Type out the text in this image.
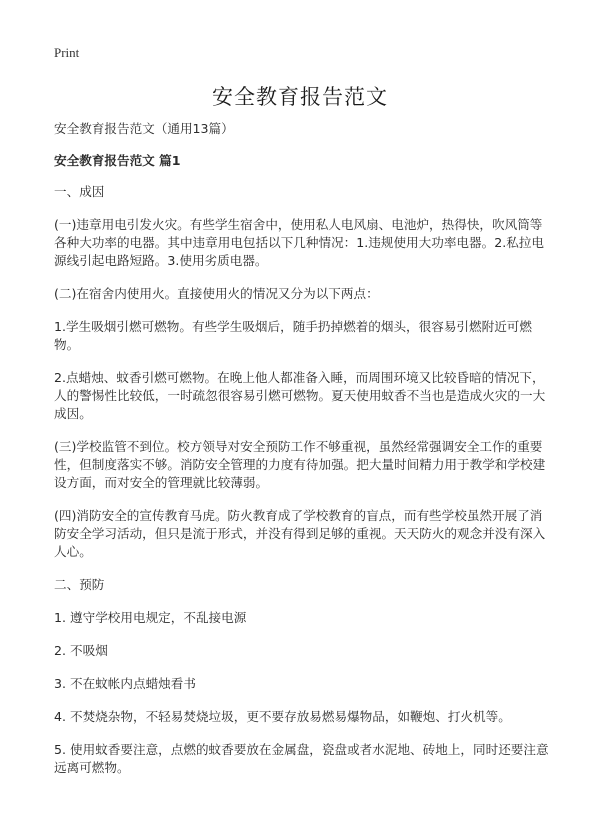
Print
安全教育报告范文

安全教育报告范文（通用13篇）

安全教育报告范文 篇1

一、成因

(一)违章用电引发火灾。有些学生宿舍中，使用私人电风扇、电池炉，热得快，吹风筒等各种大功率的电器。其中违章用电包括以下几种情况：1.违规使用大功率电器。2.私拉电源线引起电路短路。3.使用劣质电器。

(二)在宿舍内使用火。直接使用火的情况又分为以下两点：

1.学生吸烟引燃可燃物。有些学生吸烟后，随手扔掉燃着的烟头，很容易引燃附近可燃物。

2.点蜡烛、蚊香引燃可燃物。在晚上他人都准备入睡，而周围环境又比较昏暗的情况下，人的警惕性比较低，一时疏忽很容易引燃可燃物。夏天使用蚊香不当也是造成火灾的一大成因。

(三)学校监管不到位。校方领导对安全预防工作不够重视，虽然经常强调安全工作的重要性，但制度落实不够。消防安全管理的力度有待加强。把大量时间精力用于教学和学校建设方面，而对安全的管理就比较薄弱。

(四)消防安全的宣传教育马虎。防火教育成了学校教育的盲点，而有些学校虽然开展了消防安全学习活动，但只是流于形式，并没有得到足够的重视。天天防火的观念并没有深入人心。

二、预防

1. 遵守学校用电规定，不乱接电源

2. 不吸烟

3. 不在蚊帐内点蜡烛看书

4. 不焚烧杂物，不轻易焚烧垃圾，更不要存放易燃易爆物品，如鞭炮、打火机等。

5. 使用蚊香要注意，点燃的蚊香要放在金属盘，瓷盘或者水泥地、砖地上，同时还要注意远离可燃物。
